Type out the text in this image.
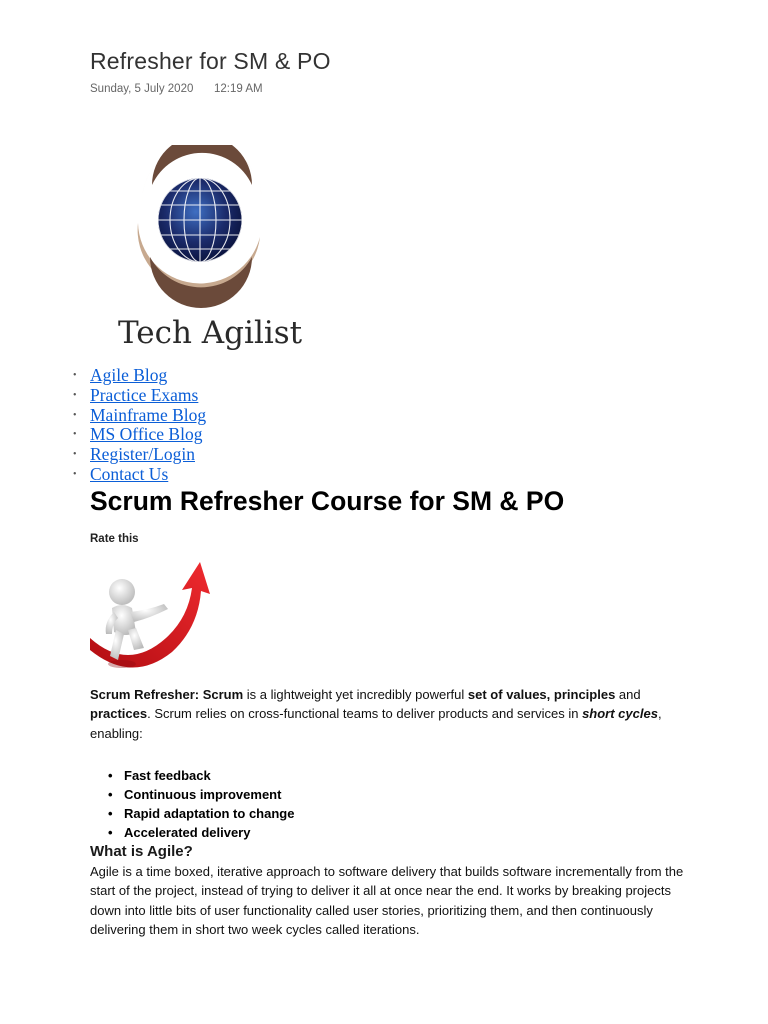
Refresher for SM & PO
Sunday, 5 July 2020 12:19 AM
Tech Agilist
• Agile Blog
• Practice Exams
• Mainframe Blog
• MS Office Blog
• Register/Login
• Contact Us
Scrum Refresher Course for SM & PO
Rate this
Scrum Refresher: Scrum is a lightweight yet incredibly powerful set of values, principles and practices. Scrum relies on cross-functional teams to deliver products and services in short cycles, enabling:
• Fast feedback
• Continuous improvement
• Rapid adaptation to change
• Accelerated delivery
What is Agile?
Agile is a time boxed, iterative approach to software delivery that builds software incrementally from the start of the project, instead of trying to deliver it all at once near the end. It works by breaking projects down into little bits of user functionality called user stories, prioritizing them, and then continuously delivering them in short two week cycles called iterations.
